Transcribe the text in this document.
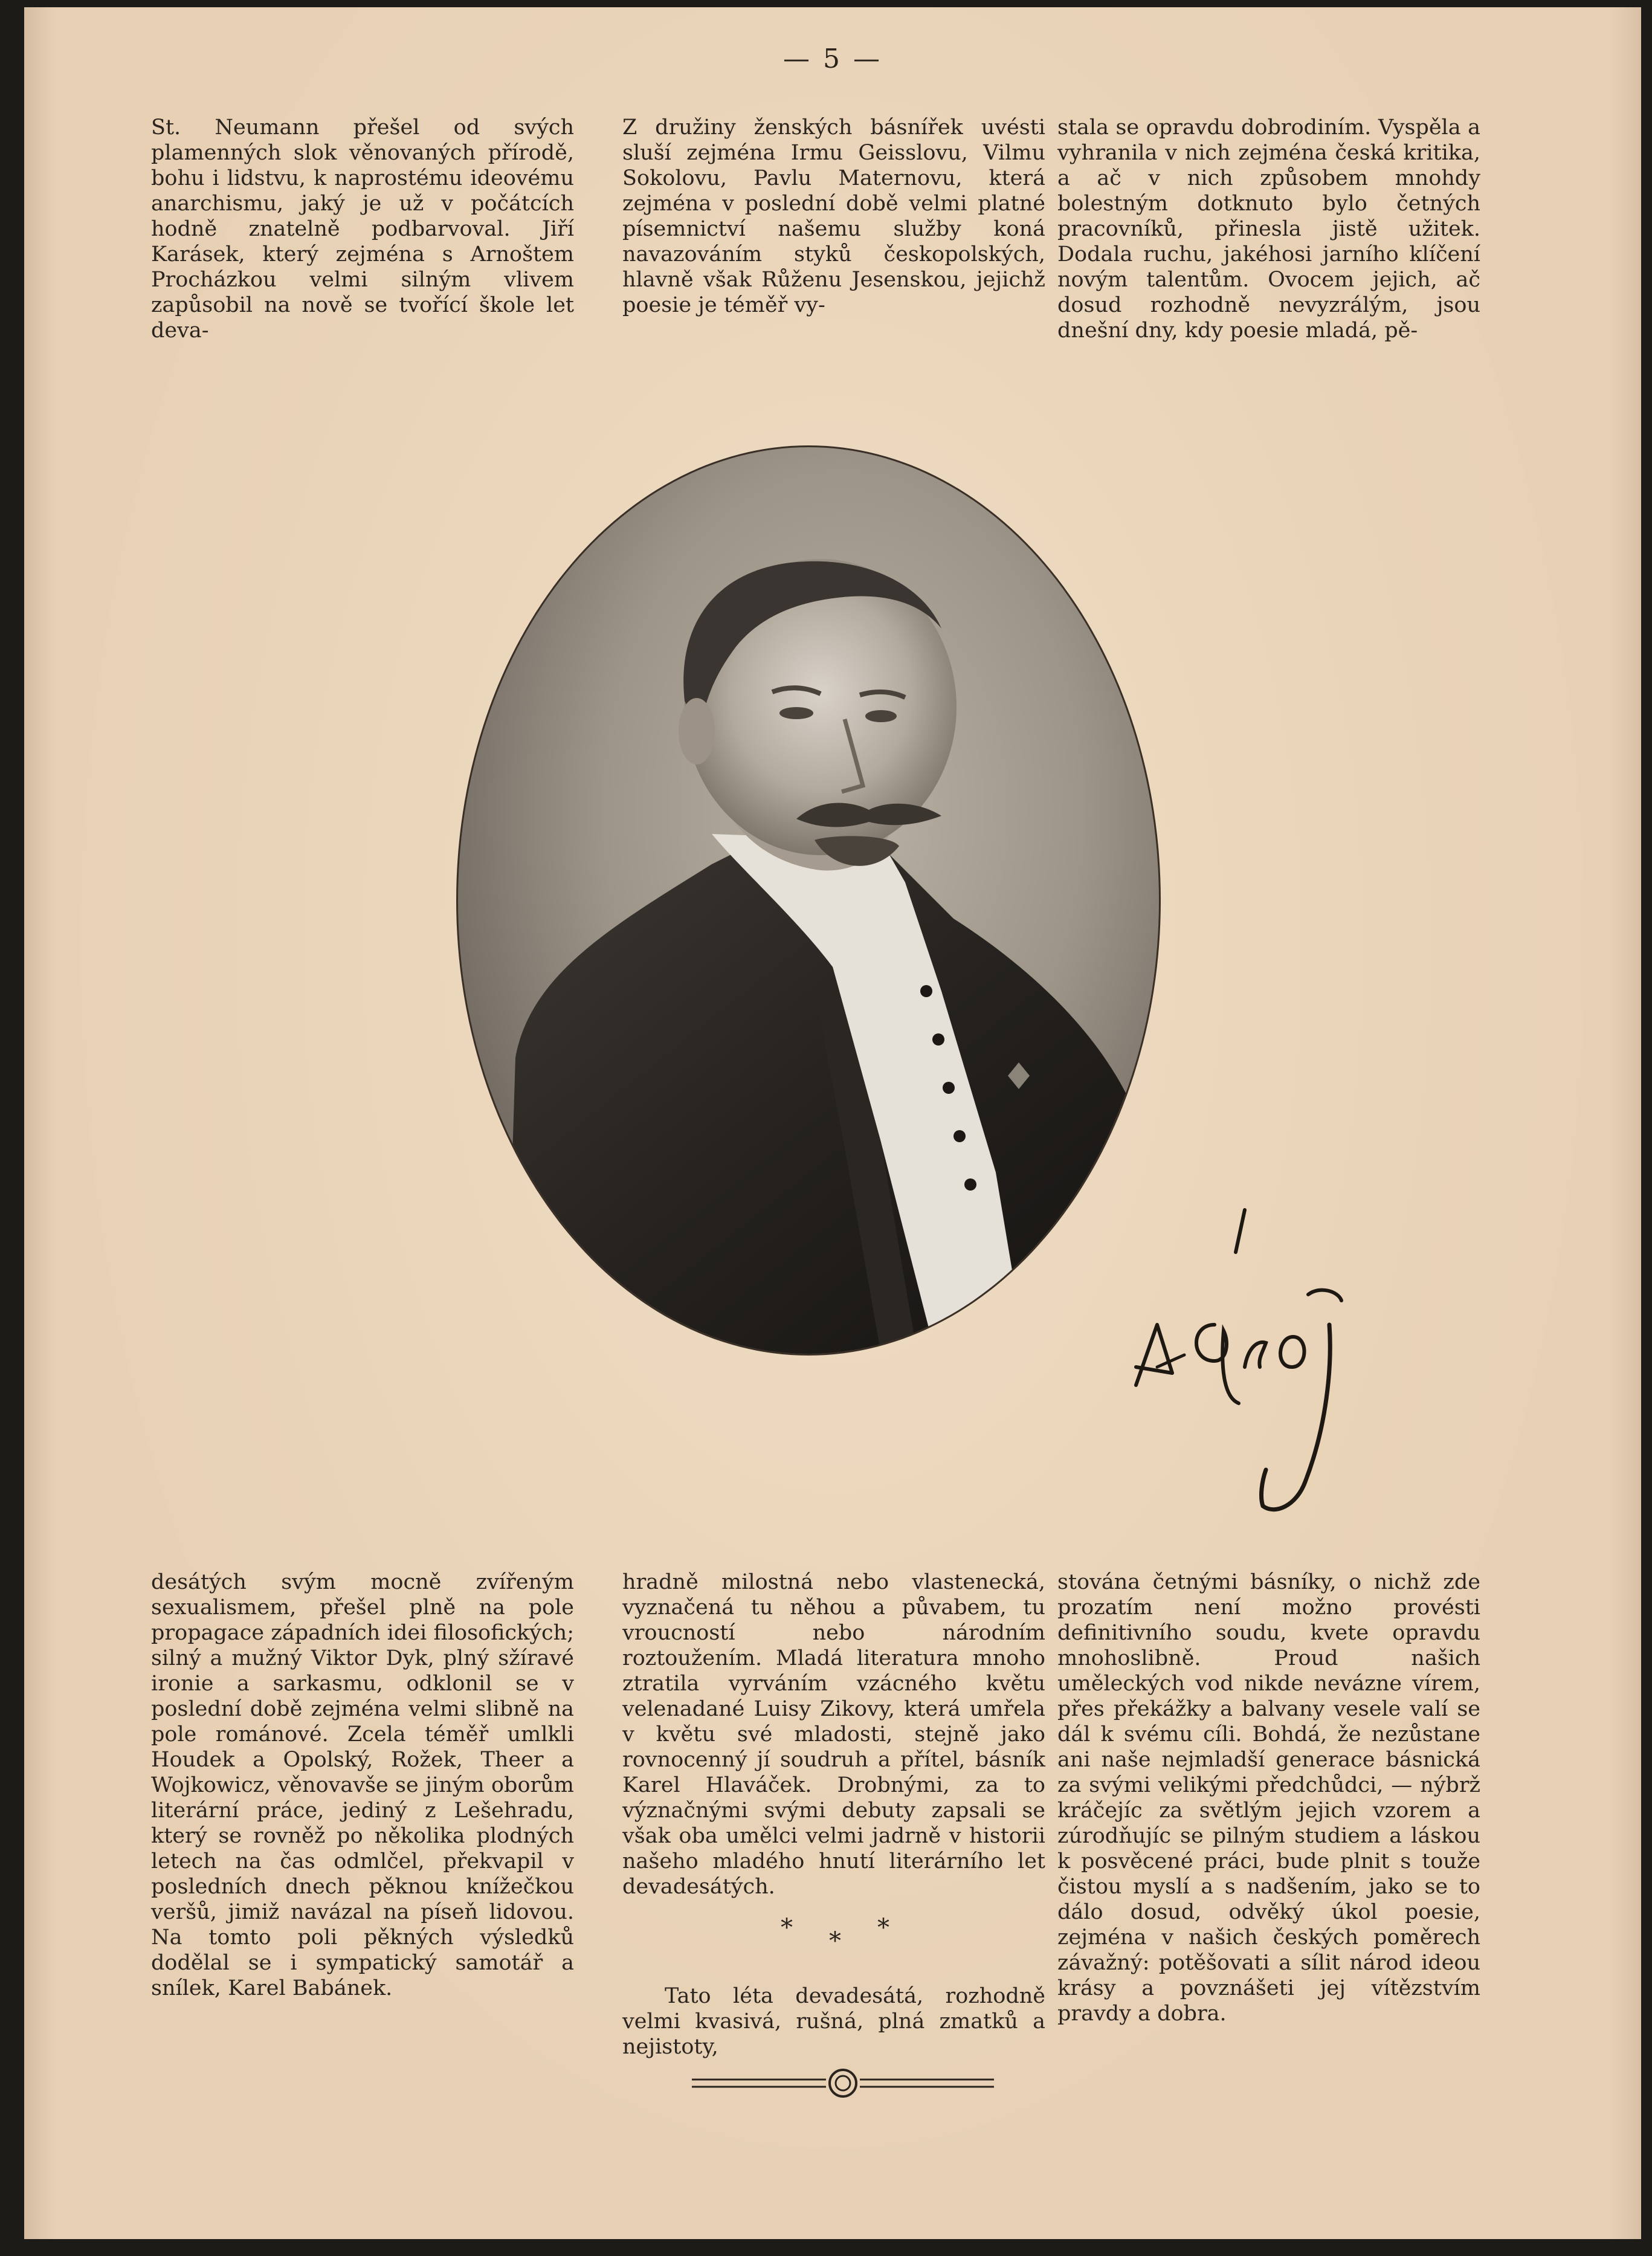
— 5 —

St. Neumann přešel od svých plamenných slok věnovaných přírodě, bohu i lidstvu, k naprostému ideovému anarchismu, jaký je už v počátcích hodně znatelně podbarvoval. Jiří Karásek, který zejména s Arnoštem Procházkou velmi silným vlivem zapůsobil na nově se tvořící škole let deva-

Z družiny ženských básnířek uvésti sluší zejména Irmu Geisslovu, Vilmu Sokolovu, Pavlu Maternovu, která zejména v poslední době velmi platné písemnictví našemu služby koná navazováním styků českopolských, hlavně však Růženu Jesenskou, jejichž poesie je téměř vy-

stala se opravdu dobrodiním. Vyspěla a vyhranila v nich zejména česká kritika, a ač v nich způsobem mnohdy bolestným dotknuto bylo četných pracovníků, přinesla jistě užitek. Dodala ruchu, jakéhosi jarního klíčení novým talentům. Ovocem jejich, ač dosud rozhodně nevyzrálým, jsou dnešní dny, kdy poesie mladá, pě-

desátých svým mocně zvířeným sexualismem, přešel plně na pole propagace západních idei filosofických; silný a mužný Viktor Dyk, plný sžíravé ironie a sarkasmu, odklonil se v poslední době zejména velmi slibně na pole románové. Zcela téměř umlkli Houdek a Opolský, Rožek, Theer a Wojkowicz, věnovavše se jiným oborům literární práce, jediný z Lešehradu, který se rovněž po několika plodných letech na čas odmlčel, překvapil v posledních dnech pěknou knížečkou veršů, jimiž navázal na píseň lidovou. Na tomto poli pěkných výsledků dodělal se i sympatický samotář a snílek, Karel Babánek.

hradně milostná nebo vlastenecká, vyznačená tu něhou a půvabem, tu vroucností nebo národním roztoužením. Mladá literatura mnoho ztratila vyrváním vzácného květu velenadané Luisy Zikovy, která umřela v květu své mladosti, stejně jako rovnocenný jí soudruh a přítel, básník Karel Hlaváček. Drobnými, za to význačnými svými debuty zapsali se však oba umělci velmi jadrně v historii našeho mladého hnutí literárního let devadesátých.

* * *

Tato léta devadesátá, rozhodně velmi kvasivá, rušná, plná zmatků a nejistoty,

stována četnými básníky, o nichž zde prozatím není možno provésti definitivního soudu, kvete opravdu mnohoslibně. Proud našich uměleckých vod nikde nevázne vírem, přes překážky a balvany vesele valí se dál k svému cíli. Bohdá, že nezůstane ani naše nejmladší generace básnická za svými velikými předchůdci, — nýbrž kráčejíc za světlým jejich vzorem a zúrodňujíc se pilným studiem a láskou k posvěcené práci, bude plnit s touže čistou myslí a s nadšením, jako se to dálo dosud, odvěký úkol poesie, zejména v našich českých poměrech závažný: potěšovati a sílit národ ideou krásy a povznášeti jej vítězstvím pravdy a dobra.
